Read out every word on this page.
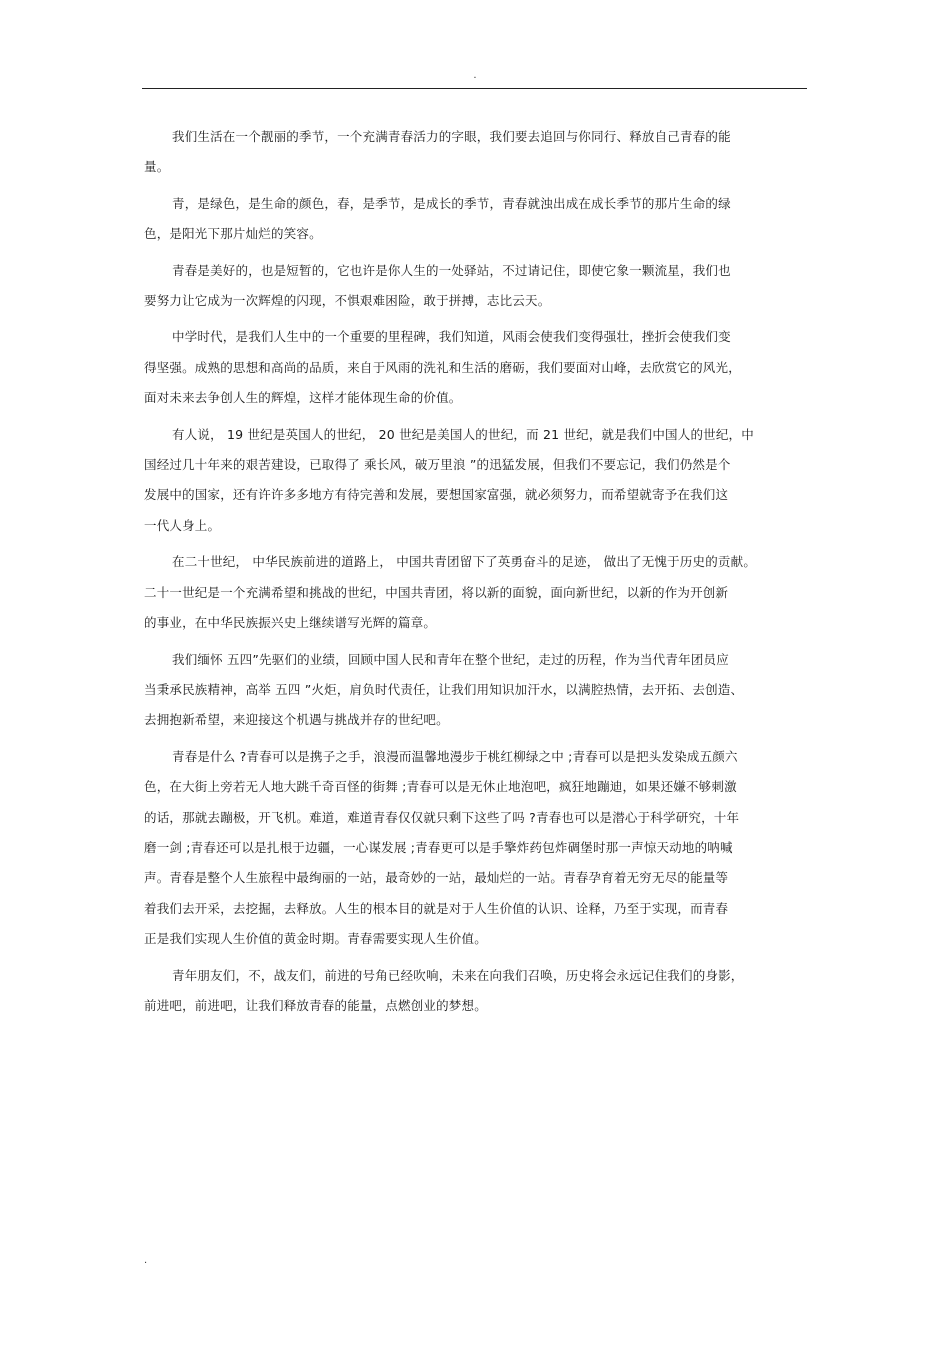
.
我们生活在一个靓丽的季节，一个充满青春活力的字眼，我们要去追回与你同行、释放自己青春的能
量。
青，是绿色，是生命的颜色，春，是季节，是成长的季节，青春就浊出成在成长季节的那片生命的绿
色，是阳光下那片灿烂的笑容。
青春是美好的，也是短暂的，它也许是你人生的一处驿站，不过请记住，即使它象一颗流星，我们也
要努力让它成为一次辉煌的闪现，不惧艰难困险，敢于拼搏，志比云天。
中学时代，是我们人生中的一个重要的里程碑，我们知道，风雨会使我们变得强壮，挫折会使我们变
得坚强。成熟的思想和高尚的品质，来自于风雨的洗礼和生活的磨砺，我们要面对山峰，去欣赏它的风光，
面对未来去争创人生的辉煌，这样才能体现生命的价值。
有人说， 19 世纪是英国人的世纪， 20 世纪是美国人的世纪，而 21 世纪，就是我们中国人的世纪，中
国经过几十年来的艰苦建设，已取得了 乘长风，破万里浪 ”的迅猛发展，但我们不要忘记，我们仍然是个
发展中的国家，还有许许多多地方有待完善和发展，要想国家富强，就必须努力，而希望就寄予在我们这
一代人身上。
在二十世纪， 中华民族前进的道路上， 中国共青团留下了英勇奋斗的足迹， 做出了无愧于历史的贡献。
二十一世纪是一个充满希望和挑战的世纪，中国共青团，将以新的面貌，面向新世纪，以新的作为开创新
的事业，在中华民族振兴史上继续谱写光辉的篇章。
我们缅怀 五四”先驱们的业绩，回顾中国人民和青年在整个世纪，走过的历程，作为当代青年团员应
当秉承民族精神，高举 五四 ”火炬，肩负时代责任，让我们用知识加汗水，以满腔热情，去开拓、去创造、
去拥抱新希望，来迎接这个机遇与挑战并存的世纪吧。
青春是什么 ?青春可以是携子之手，浪漫而温馨地漫步于桃红柳绿之中 ;青春可以是把头发染成五颜六
色，在大街上旁若无人地大跳千奇百怪的街舞 ;青春可以是无休止地泡吧，疯狂地蹦迪，如果还嫌不够刺激
的话，那就去蹦极，开飞机。难道，难道青春仅仅就只剩下这些了吗 ?青春也可以是潜心于科学研究，十年
磨一剑 ;青春还可以是扎根于边疆，一心谋发展 ;青春更可以是手擎炸药包炸碉堡时那一声惊天动地的呐喊
声。青春是整个人生旅程中最绚丽的一站，最奇妙的一站，最灿烂的一站。青春孕育着无穷无尽的能量等
着我们去开采，去挖掘，去释放。人生的根本目的就是对于人生价值的认识、诠释，乃至于实现，而青春
正是我们实现人生价值的黄金时期。青春需要实现人生价值。
青年朋友们，不，战友们，前进的号角已经吹响，未来在向我们召唤，历史将会永远记住我们的身影，
前进吧，前进吧，让我们释放青春的能量，点燃创业的梦想。
.
